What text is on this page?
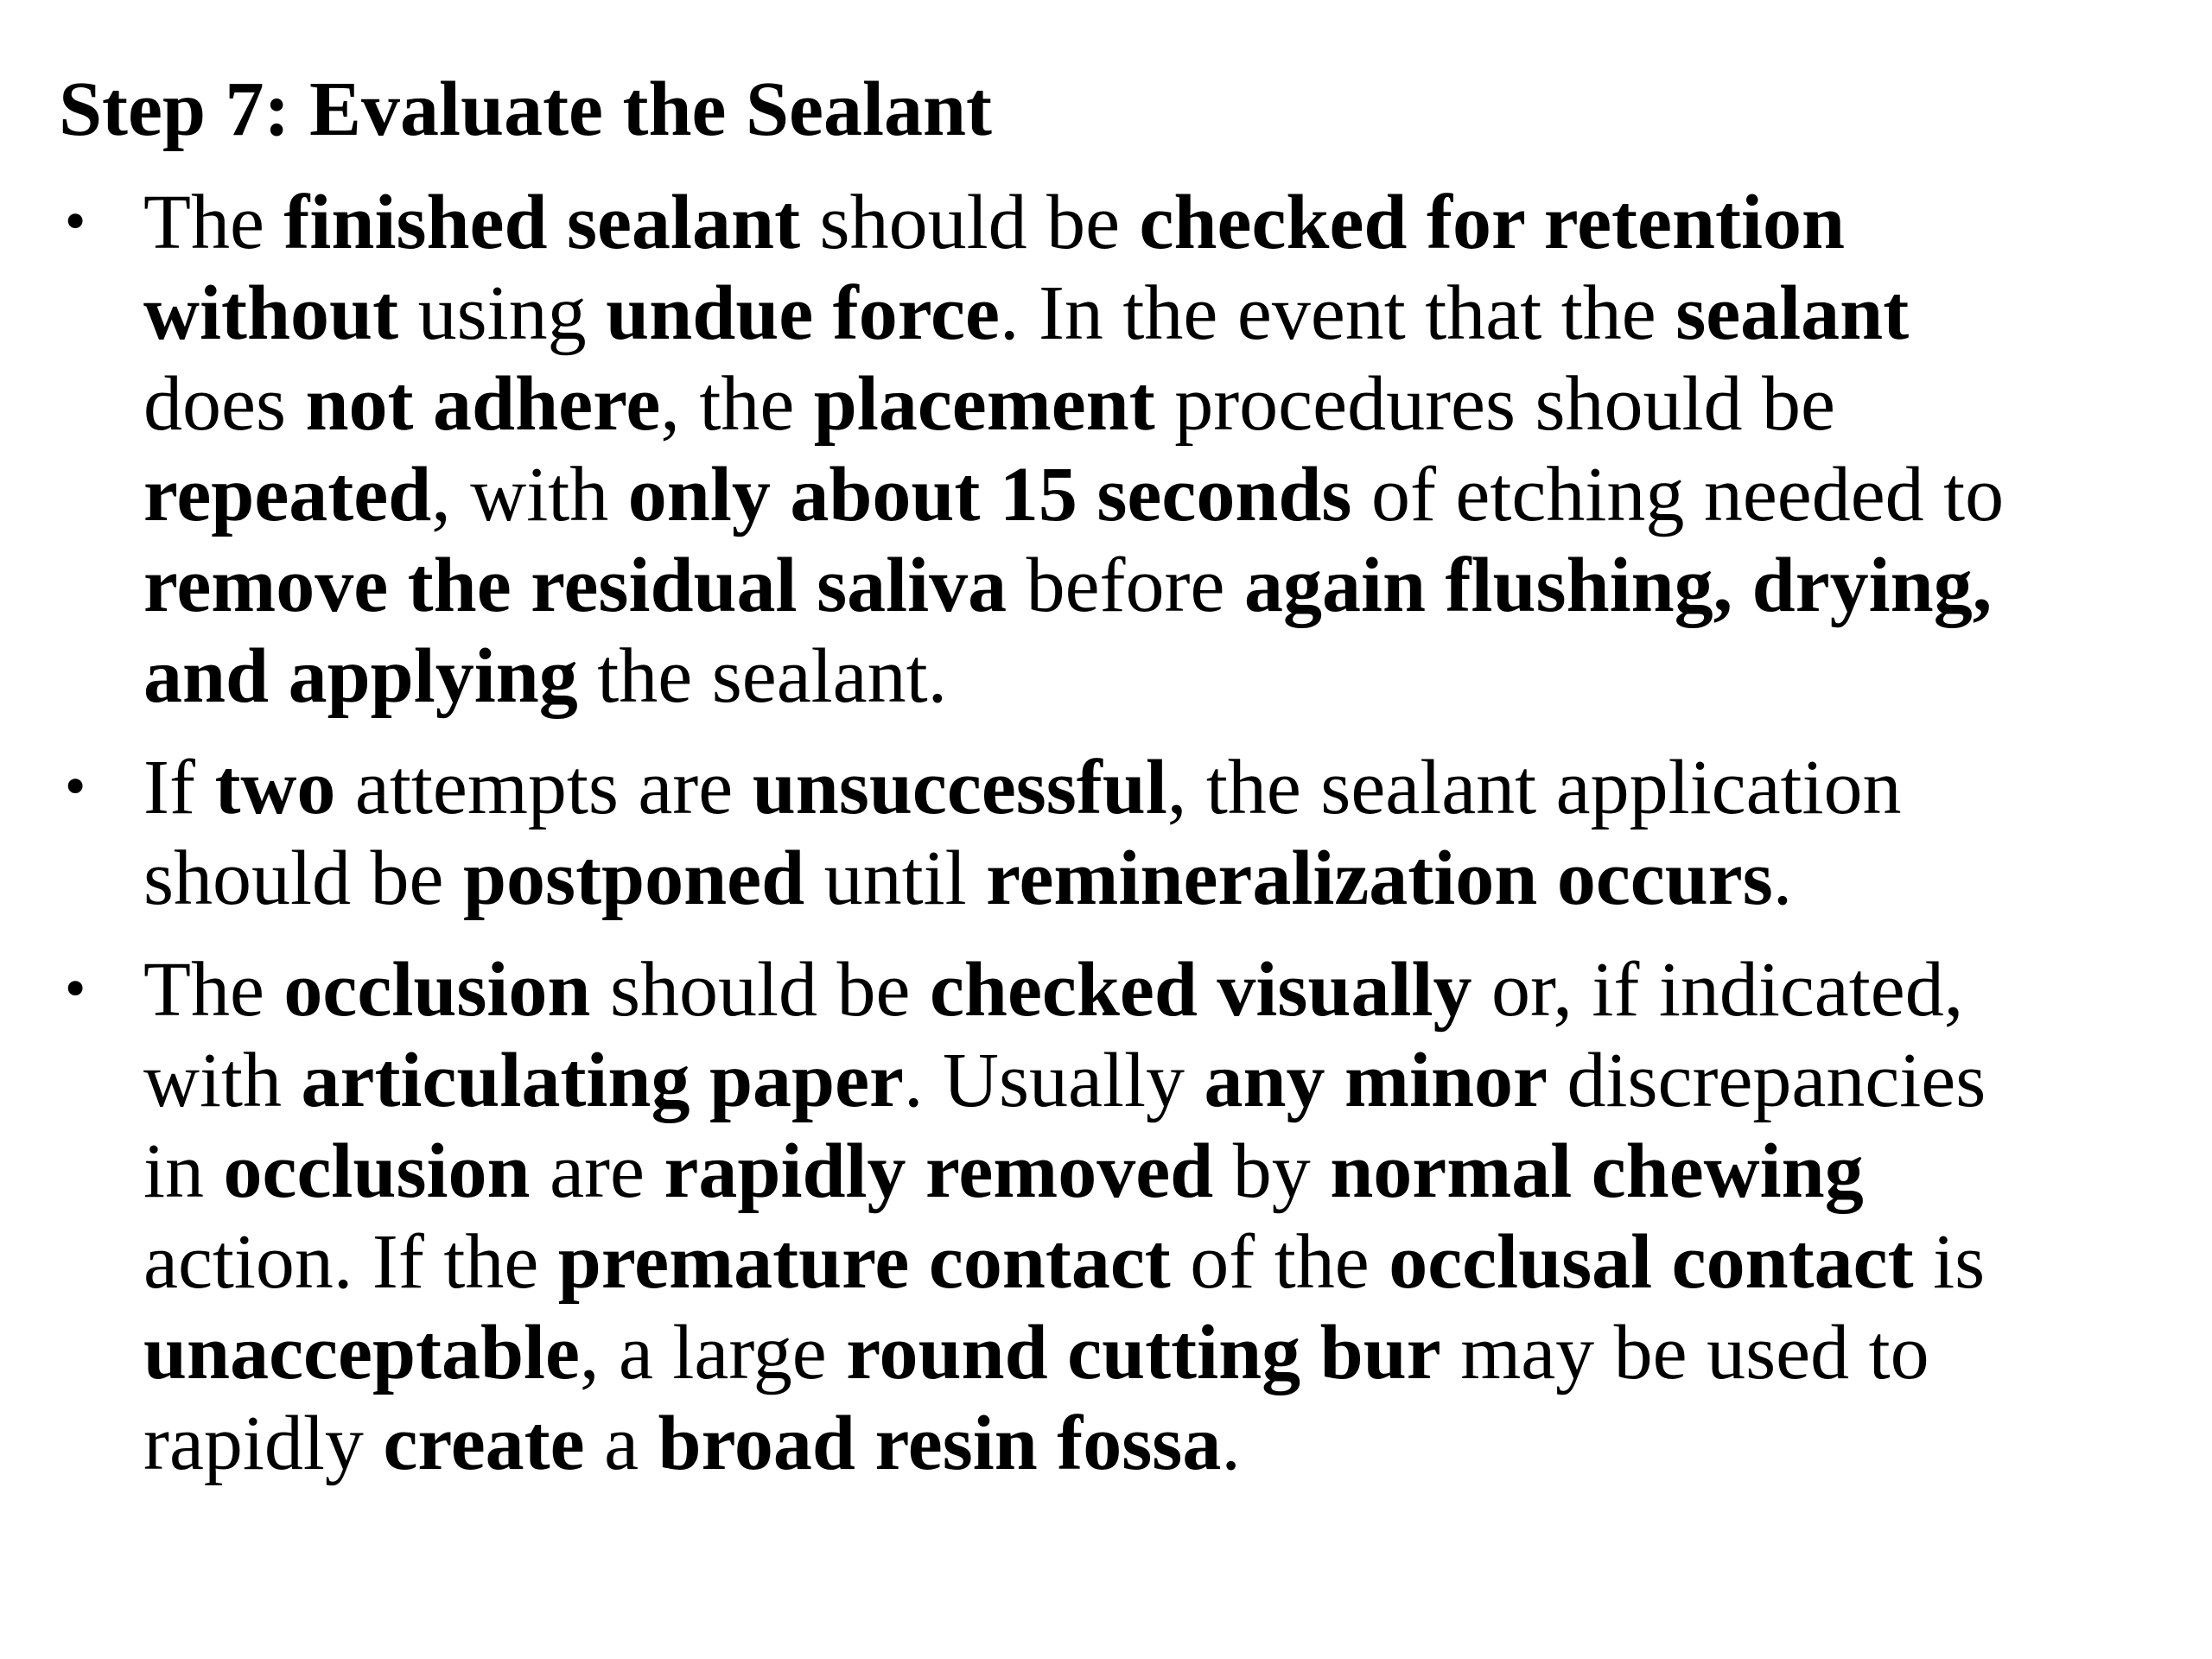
Step 7: Evaluate the Sealant
• The finished sealant should be checked for retention
without using undue force. In the event that the sealant
does not adhere, the placement procedures should be
repeated, with only about 15 seconds of etching needed to
remove the residual saliva before again flushing, drying,
and applying the sealant.
• If two attempts are unsuccessful, the sealant application
should be postponed until remineralization occurs.
• The occlusion should be checked visually or, if indicated,
with articulating paper. Usually any minor discrepancies
in occlusion are rapidly removed by normal chewing
action. If the premature contact of the occlusal contact is
unacceptable, a large round cutting bur may be used to
rapidly create a broad resin fossa.
